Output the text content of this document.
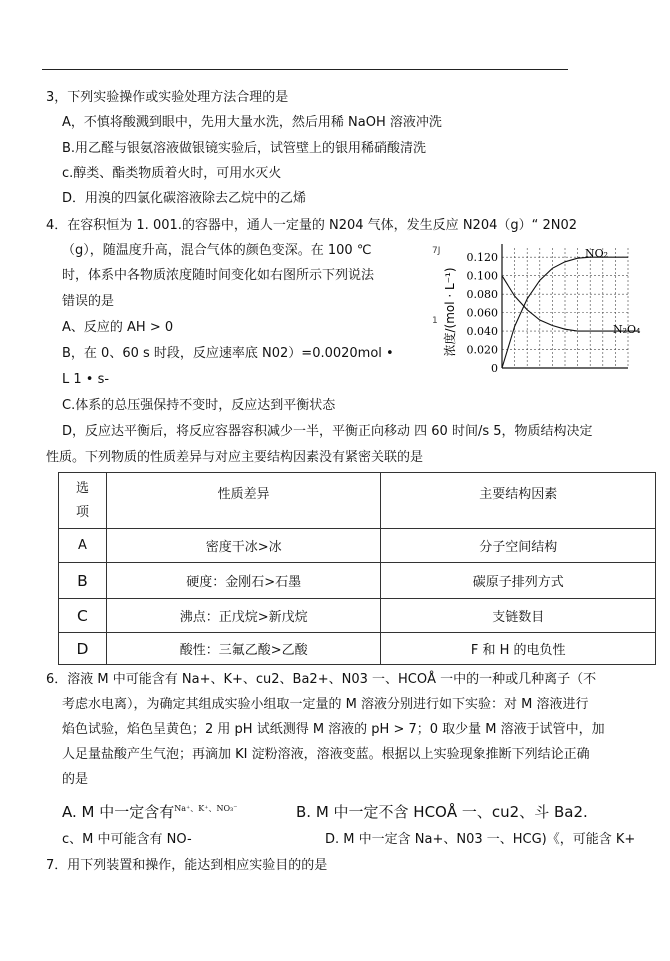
3，下列实验操作或实验处理方法合理的是
A，不慎将酸溅到眼中，先用大量水洗，然后用稀 NaOH 溶液冲洗
B.用乙醛与银氨溶液做银镜实验后，试管壁上的银用稀硝酸清洗
c.醇类、酯类物质着火时，可用水灭火
D．用溴的四氯化碳溶液除去乙烷中的乙烯
4．在容积恒为 1. 001.的容器中，通人一定量的 N204 气体，发生反应 N204（g）“ 2N02
（g），随温度升高，混合气体的颜色变深。在 100 ℃
时，体系中各物质浓度随时间变化如右图所示下列说法
错误的是
A、反应的 AH > 0
B，在 0、60 s 时段，反应速率底 N02）=0.0020mol •
L 1 • s-
C.体系的总压强保持不变时，反应达到平衡状态
D，反应达平衡后，将反应容器容积减少一半，平衡正向移动 四 60 时间/s 5，物质结构决定
性质。下列物质的性质差异与对应主要结构因素没有紧密关联的是
7J
1
0.120
0.100
0.080
0.060
0.040
0.020
0
浓度/(mol · L⁻¹)
NO₂
N₂O₄
选
项	性质差异	主要结构因素
A	密度干冰>冰	分子空间结构
B	硬度：金刚石>石墨	碳原子排列方式
C	沸点：正戊烷>新戊烷	支链数目
D	酸性：三氟乙酸>乙酸	F 和 H 的电负性
6．溶液 M 中可能含有 Na+、K+、cu2、Ba2+、N03 一、HCOÅ 一中的一种或几种离子（不
考虑水电离），为确定其组成实验小组取一定量的 M 溶液分别进行如下实验：对 M 溶液进行
焰色试验，焰色呈黄色；2 用 pH 试纸测得 M 溶液的 pH > 7；0 取少量 M 溶液于试管中，加
人足量盐酸产生气泡；再滴加 KI 淀粉溶液，溶液变蓝。根据以上实验现象推断下列结论正确
的是
A. M 中一定含有$^{Na^+、K^+、NO_3^-}$	B. M 中一定不含 HCOÅ 一、cu2、斗 Ba2.
c、M 中可能含有 NO-	D. M 中一定含 Na+、N03 一、HCG)《，可能含 K+
7．用下列装置和操作，能达到相应实验目的的是
